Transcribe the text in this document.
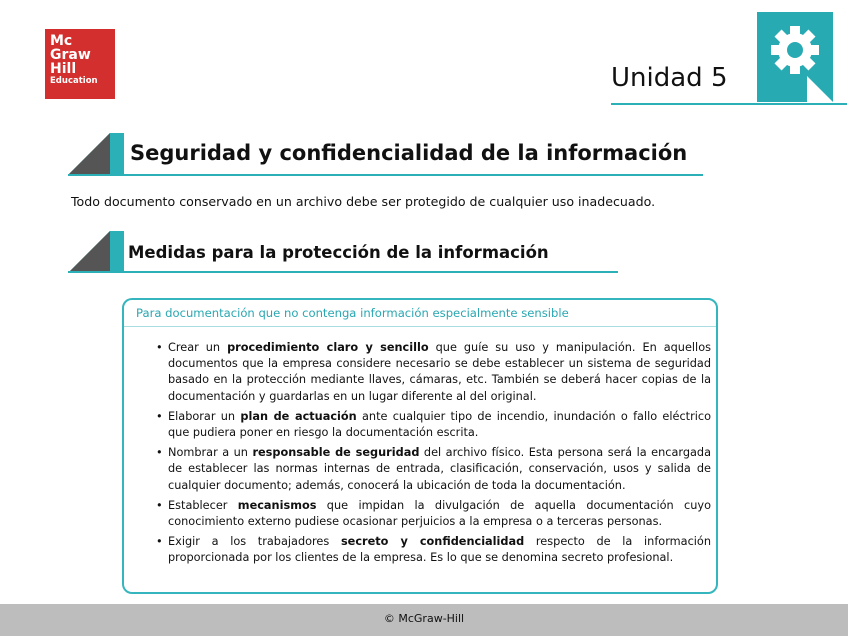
Mc
Graw
Hill
Education	Unidad 5
Seguridad y confidencialidad de la información
Todo documento conservado en un archivo debe ser protegido de cualquier uso inadecuado.
Medidas para la protección de la información
Para documentación que no contenga información especialmente sensible
• Crear un procedimiento claro y sencillo que guíe su uso y manipulación. En aquellos documentos que la empresa considere necesario se debe establecer un sistema de seguridad basado en la protección mediante llaves, cámaras, etc. También se deberá hacer copias de la documentación y guardarlas en un lugar diferente al del original.
• Elaborar un plan de actuación ante cualquier tipo de incendio, inundación o fallo eléctrico que pudiera poner en riesgo la documentación escrita.
• Nombrar a un responsable de seguridad del archivo físico. Esta persona será la encargada de establecer las normas internas de entrada, clasificación, conservación, usos y salida de cualquier documento; además, conocerá la ubicación de toda la documentación.
• Establecer mecanismos que impidan la divulgación de aquella documentación cuyo conocimiento externo pudiese ocasionar perjuicios a la empresa o a terceras personas.
• Exigir a los trabajadores secreto y confidencialidad respecto de la información proporcionada por los clientes de la empresa. Es lo que se denomina secreto profesional.
© McGraw-Hill
